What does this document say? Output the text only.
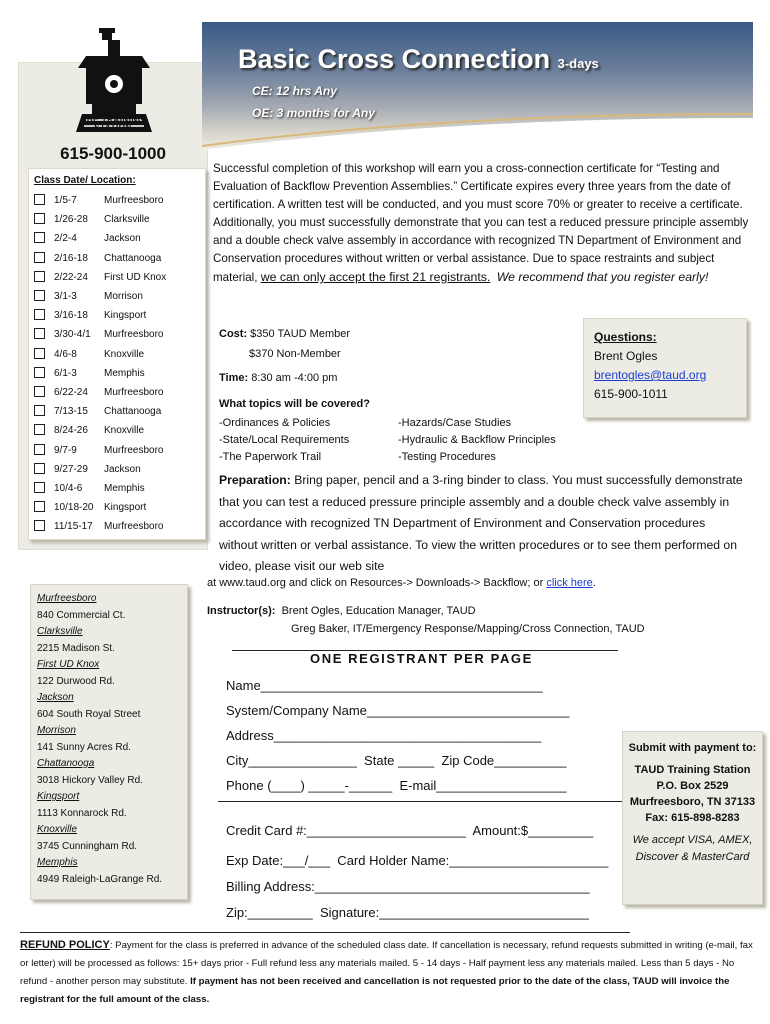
THE TRAINING STATION
615-900-1000
Class Date/ Location:
1/5-7	Murfreesboro
1/26-28 Clarksville
2/2-4	Jackson
2/16-18 Chattanooga
2/22-24 First UD Knox
3/1-3	Morrison
3/16-18 Kingsport
3/30-4/1 Murfreesboro
4/6-8	Knoxville
6/1-3	Memphis
6/22-24 Murfreesboro
7/13-15 Chattanooga
8/24-26 Knoxville
9/7-9	Murfreesboro
9/27-29 Jackson
10/4-6 Memphis
10/18-20 Kingsport
11/15-17 Murfreesboro
Murfreesboro
840 Commercial Ct.
Clarksville
2215 Madison St.
First UD Knox
122 Durwood Rd.
Jackson
604 South Royal Street
Morrison
141 Sunny Acres Rd.
Chattanooga
3018 Hickory Valley Rd.
Kingsport
1113 Konnarock Rd.
Knoxville
3745 Cunningham Rd.
Memphis
4949 Raleigh-LaGrange Rd.
Basic Cross Connection 3-days
CE: 12 hrs Any
OE: 3 months for Any
Successful completion of this workshop will earn you a cross-connection certificate for “Testing and Evaluation of Backflow Prevention Assemblies.” Certificate expires every three years from the date of certification. A written test will be conducted, and you must score 70% or greater to receive a certificate. Additionally, you must successfully demonstrate that you can test a reduced pressure principle assembly and a double check valve assembly in accordance with recognized TN Department of Environment and Conservation procedures without written or verbal assistance. Due to space restraints and subject material, we can only accept the first 21 registrants. We recommend that you register early!
Cost: $350 TAUD Member
$370 Non-Member
Time: 8:30 am -4:00 pm
What topics will be covered?
-Ordinances & Policies
-State/Local Requirements
-The Paperwork Trail
-Hazards/Case Studies
-Hydraulic & Backflow Principles
-Testing Procedures
Questions:
Brent Ogles
brentogles@taud.org
615-900-1011
Preparation: Bring paper, pencil and a 3-ring binder to class. You must successfully demonstrate that you can test a reduced pressure principle assembly and a double check valve assembly in accordance with recognized TN Department of Environment and Conservation procedures without written or verbal assistance. To view the written procedures or to see them performed on video, please visit our web site
at www.taud.org and click on Resources-> Downloads-> Backflow; or click here.
Instructor(s): Brent Ogles, Education Manager, TAUD
Greg Baker, IT/Emergency Response/Mapping/Cross Connection, TAUD
ONE REGISTRANT PER PAGE
Name_______________________________________
System/Company Name____________________________
Address_____________________________________
City_______________  State _____  Zip Code__________
Phone (____) _____-______  E-mail__________________
Credit Card #:______________________  Amount:$_________
Exp Date:___/___  Card Holder Name:______________________
Billing Address:______________________________________
Zip:_________  Signature:_____________________________
Submit with payment to:
TAUD Training Station
P.O. Box 2529
Murfreesboro, TN 37133
Fax: 615-898-8283
We accept VISA, AMEX, Discover & MasterCard
REFUND POLICY: Payment for the class is preferred in advance of the scheduled class date. If cancellation is necessary, refund requests submitted in writing (e-mail, fax or letter) will be processed as follows: 15+ days prior - Full refund less any materials mailed. 5 - 14 days - Half payment less any materials mailed. Less than 5 days - No refund - another person may substitute. If payment has not been received and cancellation is not requested prior to the date of the class, TAUD will invoice the registrant for the full amount of the class.
